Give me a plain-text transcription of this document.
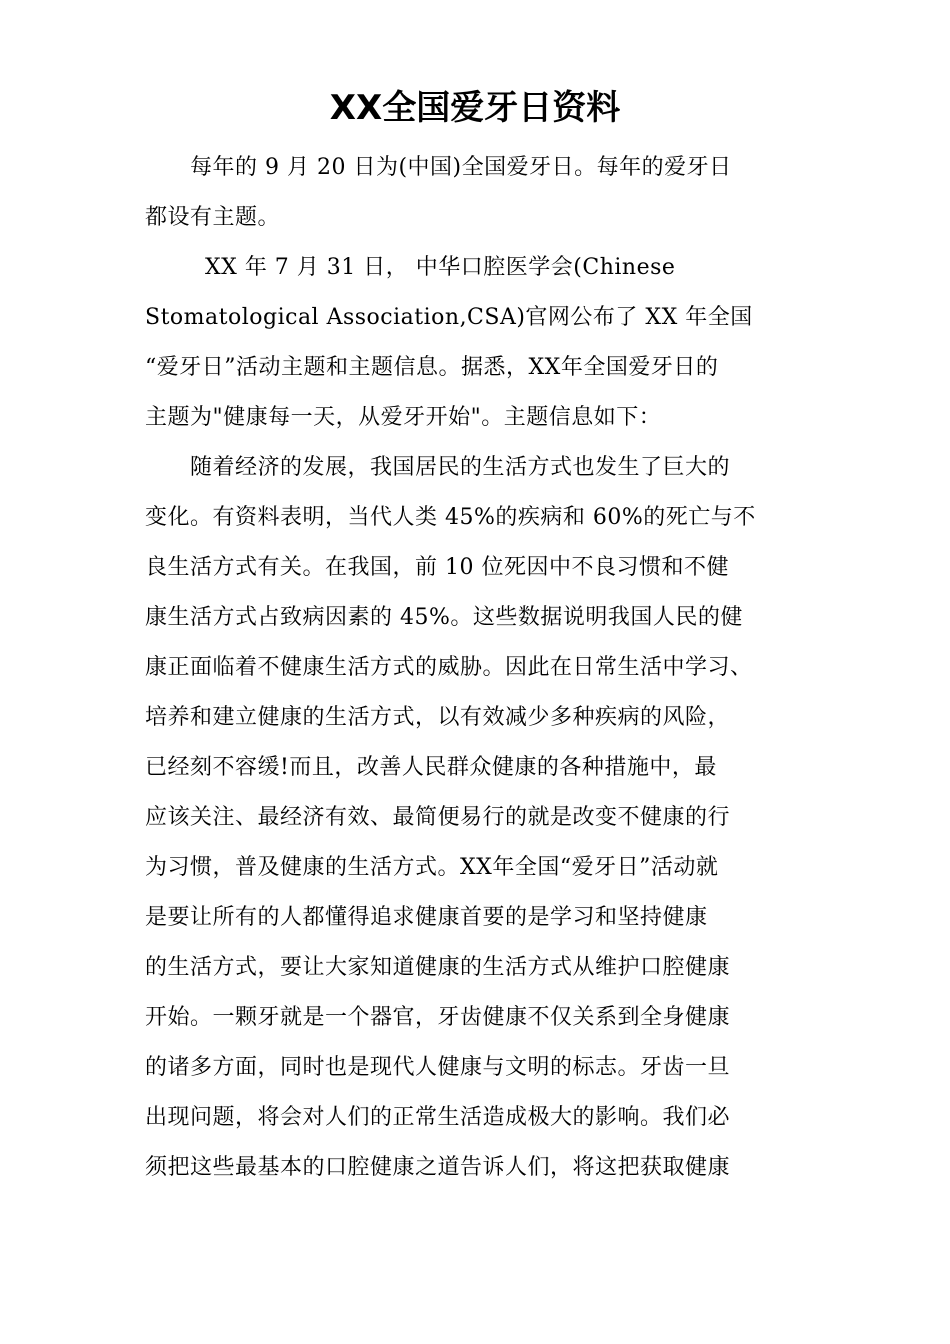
XX全国爱牙日资料
每年的 9 月 20 日为(中国)全国爱牙日。每年的爱牙日
都设有主题。
XX 年 7 月 31 日， 中华口腔医学会(Chinese
Stomatological Association,CSA)官网公布了 XX 年全国
“爱牙日”活动主题和主题信息。据悉，XX年全国爱牙日的
主题为"健康每一天，从爱牙开始"。主题信息如下：
随着经济的发展，我国居民的生活方式也发生了巨大的
变化。有资料表明，当代人类 45%的疾病和 60%的死亡与不
良生活方式有关。在我国，前 10 位死因中不良习惯和不健
康生活方式占致病因素的 45%。这些数据说明我国人民的健
康正面临着不健康生活方式的威胁。因此在日常生活中学习、
培养和建立健康的生活方式，以有效减少多种疾病的风险，
已经刻不容缓!而且，改善人民群众健康的各种措施中，最
应该关注、最经济有效、最简便易行的就是改变不健康的行
为习惯，普及健康的生活方式。XX年全国“爱牙日”活动就
是要让所有的人都懂得追求健康首要的是学习和坚持健康
的生活方式，要让大家知道健康的生活方式从维护口腔健康
开始。一颗牙就是一个器官，牙齿健康不仅关系到全身健康
的诸多方面，同时也是现代人健康与文明的标志。牙齿一旦
出现问题，将会对人们的正常生活造成极大的影响。我们必
须把这些最基本的口腔健康之道告诉人们，将这把获取健康
